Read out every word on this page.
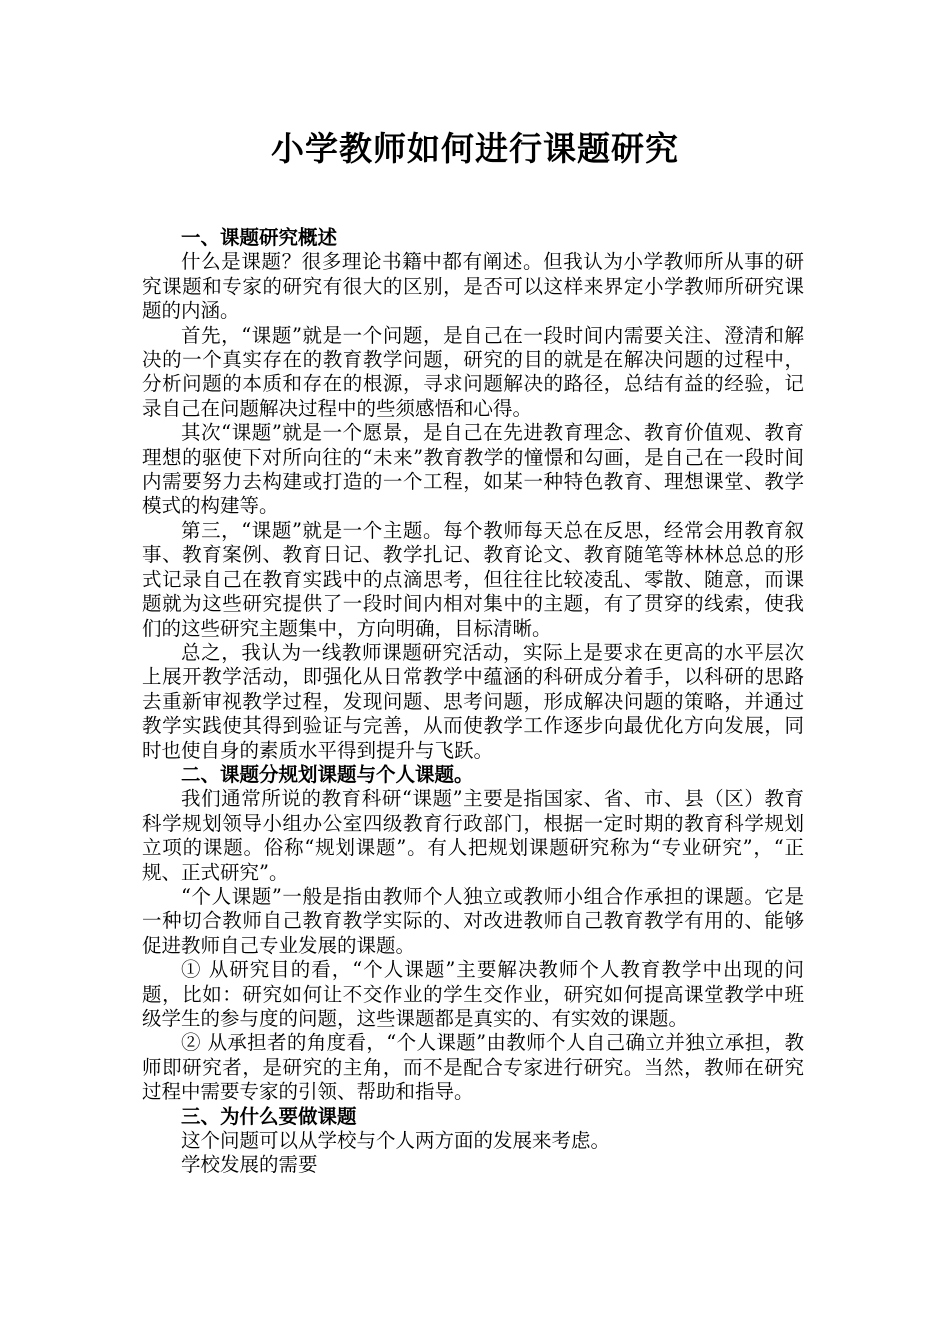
小学教师如何进行课题研究
一、课题研究概述

什么是课题？很多理论书籍中都有阐述。但我认为小学教师所从事的研究课题和专家的研究有很大的区别，是否可以这样来界定小学教师所研究课题的内涵。

首先，“课题”就是一个问题，是自己在一段时间内需要关注、澄清和解决的一个真实存在的教育教学问题，研究的目的就是在解决问题的过程中，分析问题的本质和存在的根源，寻求问题解决的路径，总结有益的经验，记录自己在问题解决过程中的些须感悟和心得。

其次“课题”就是一个愿景，是自己在先进教育理念、教育价值观、教育理想的驱使下对所向往的“未来”教育教学的憧憬和勾画，是自己在一段时间内需要努力去构建或打造的一个工程，如某一种特色教育、理想课堂、教学模式的构建等。

第三，“课题”就是一个主题。每个教师每天总在反思，经常会用教育叙事、教育案例、教育日记、教学扎记、教育论文、教育随笔等林林总总的形式记录自己在教育实践中的点滴思考，但往往比较凌乱、零散、随意，而课题就为这些研究提供了一段时间内相对集中的主题，有了贯穿的线索，使我们的这些研究主题集中，方向明确，目标清晰。

总之，我认为一线教师课题研究活动，实际上是要求在更高的水平层次上展开教学活动，即强化从日常教学中蕴涵的科研成分着手，以科研的思路去重新审视教学过程，发现问题、思考问题，形成解决问题的策略，并通过教学实践使其得到验证与完善，从而使教学工作逐步向最优化方向发展，同时也使自身的素质水平得到提升与飞跃。

二、课题分规划课题与个人课题。

我们通常所说的教育科研“课题”主要是指国家、省、市、县（区）教育科学规划领导小组办公室四级教育行政部门，根据一定时期的教育科学规划立项的课题。俗称“规划课题”。有人把规划课题研究称为“专业研究”，“正规、正式研究”。

“个人课题”一般是指由教师个人独立或教师小组合作承担的课题。它是一种切合教师自己教育教学实际的、对改进教师自己教育教学有用的、能够促进教师自己专业发展的课题。

① 从研究目的看，“个人课题”主要解决教师个人教育教学中出现的问题，比如：研究如何让不交作业的学生交作业，研究如何提高课堂教学中班级学生的参与度的问题，这些课题都是真实的、有实效的课题。

② 从承担者的角度看，“个人课题”由教师个人自己确立并独立承担，教师即研究者，是研究的主角，而不是配合专家进行研究。当然，教师在研究过程中需要专家的引领、帮助和指导。

三、为什么要做课题

这个问题可以从学校与个人两方面的发展来考虑。

学校发展的需要
